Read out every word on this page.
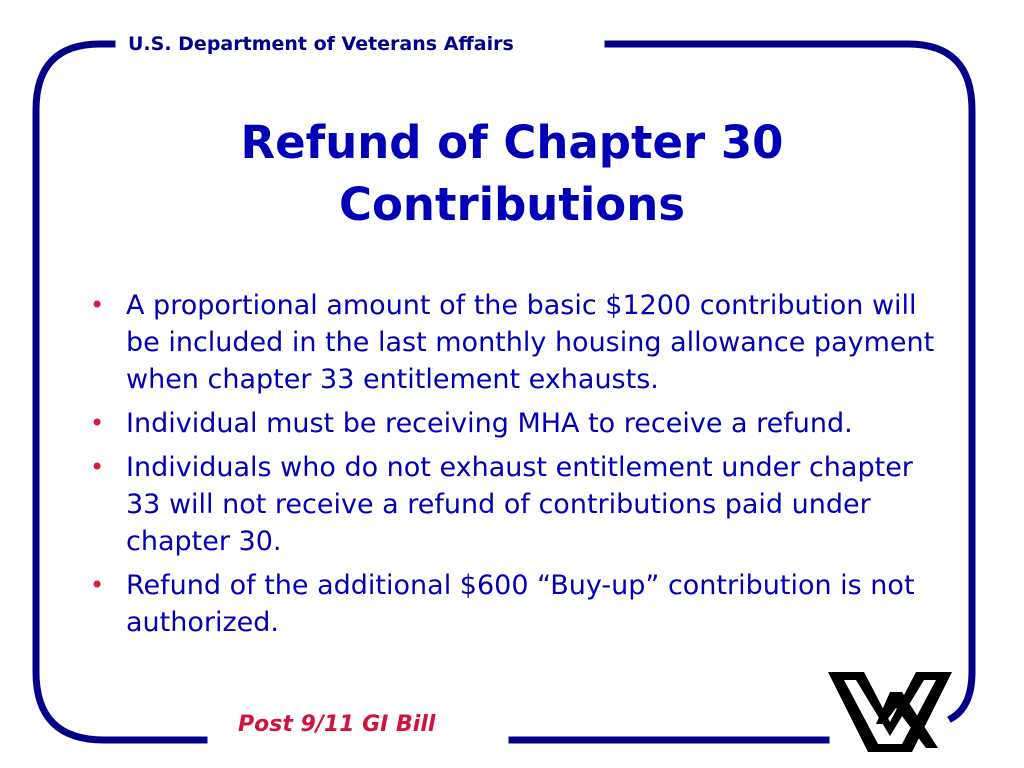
U.S. Department of Veterans Affairs
Refund of Chapter 30
Contributions
• A proportional amount of the basic $1200 contribution will be included in the last monthly housing allowance payment when chapter 33 entitlement exhausts.
• Individual must be receiving MHA to receive a refund.
• Individuals who do not exhaust entitlement under chapter 33 will not receive a refund of contributions paid under chapter 30.
• Refund of the additional $600 “Buy-up” contribution is not authorized.
Post 9/11 GI Bill
